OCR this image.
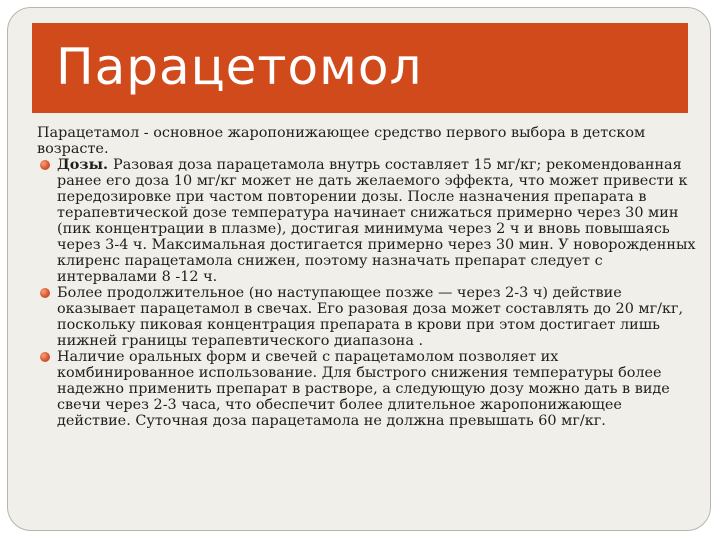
Парацетомол

Парацетамол - основное жаропонижающее средство первого выбора в детском возрасте.

Дозы. Разовая доза парацетамола внутрь составляет 15 мг/кг; рекомендованная ранее его доза 10 мг/кг может не дать желаемого эффекта, что может привести к передозировке при частом повторении дозы. После назначения препарата в терапевтической дозе температура начинает снижаться примерно через 30 мин (пик концентрации в плазме), достигая минимума через 2 ч и вновь повышаясь через 3-4 ч. Максимальная достигается примерно через 30 мин. У новорожденных клиренс парацетамола снижен, поэтому назначать препарат следует с интервалами 8 -12 ч.
Более продолжительное (но наступающее позже — через 2-3 ч) действие оказывает парацетамол в свечах. Его разовая доза может составлять до 20 мг/кг, поскольку пиковая концентрация препарата в крови при этом достигает лишь нижней границы терапевтического диапазона .
Наличие оральных форм и свечей с парацетамолом позволяет их комбинированное использование. Для быстрого снижения температуры более надежно применить препарат в растворе, а следующую дозу можно дать в виде свечи через 2-3 часа, что обеспечит более длительное жаропонижающее действие. Суточная доза парацетамола не должна превышать 60 мг/кг.
